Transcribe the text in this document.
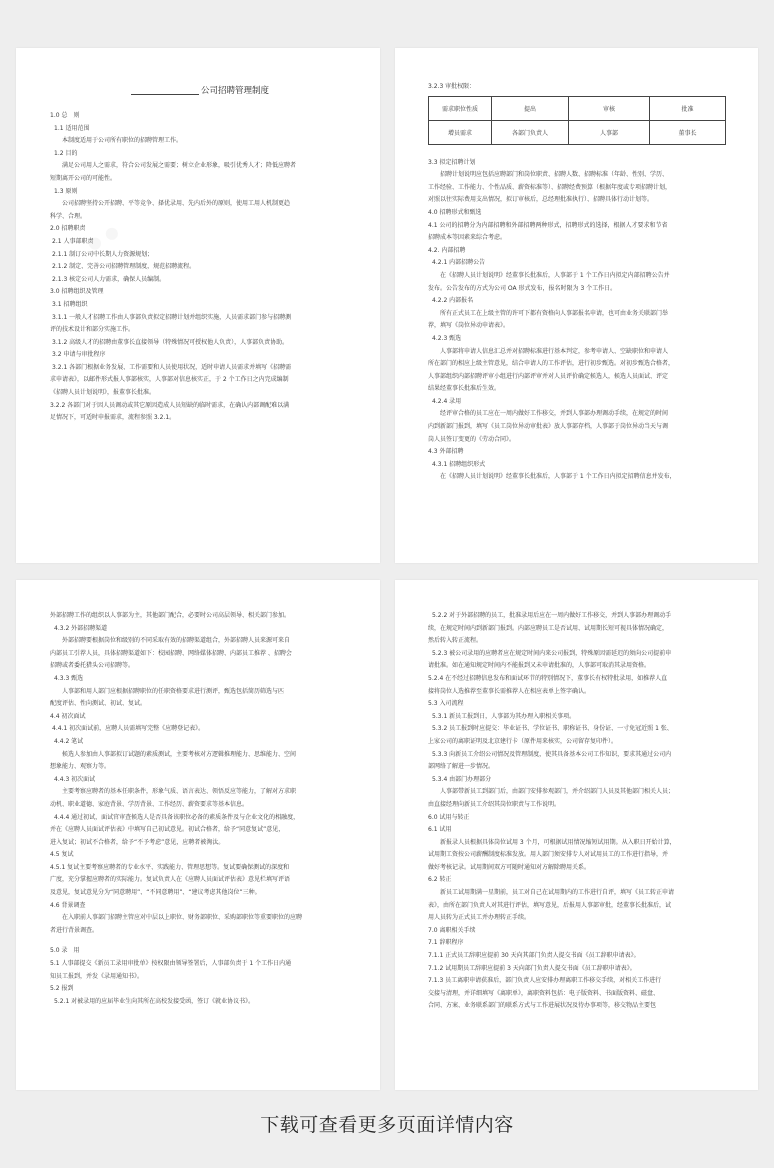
公司招聘管理制度
1.0 总　则
1.1 适用范围
本制度适用于公司所有职位的招聘管理工作。
1.2 目的
满足公司用人之需求，符合公司发展之需要；树立企业形象，吸引优秀人才；降低应聘者
短期离开公司的可能性。
1.3 原则
公司招聘坚持公开招聘、平等竞争、择优录用、先内后外的原则，使用工用人机制更趋
科学、合理。
2.0 招聘职责
2.1 人事部职责
2.1.1 制订公司中长期人力资源规划；
2.1.2 制定、完善公司招聘管理制度，规范招聘流程。
2.1.3 核定公司人力需求，确保人员编制。
3.0 招聘组织及管理
3.1 招聘组织
3.1.1 一般人才招聘工作由人事部负责拟定招聘计划并组织实施，人员需求部门参与招聘测
评的技术设计和部分实施工作。
3.1.2 高级人才的招聘由董事长直接领导（特殊情况可授权他人负责），人事部负责协助。
3.2 申请与审批程序
3.2.1 各部门根据业务发展、工作需要和人员使用状况，适时申请人员需求并填写《招聘需
求申请表》，以邮件形式报人事部核实，人事部对信息核实正，于 2 个工作日之内完成编制
《招聘人员计划说明》，报董事长批准。
3.2.2 各部门对于因人员调动或其它原因造成人员短缺的临时需求，在确认内部调配难以满
足情况下，可适时申报需求，流程参照 3.2.1。
3.2.3 审批权限：
需求职位性质	提出	审核	批准
增员需求	各部门负责人	人事部	董事长
3.3 拟定招聘计划
招聘计划说明应包括应聘部门和岗位职责、招聘人数、招聘标准（年龄、性别、学历、
工作经验、工作能力、个性品质、薪资标准等）、招聘经费预算（根据年度或专项招聘计划，
对照以往实际费用支出情况，拟订审核后，总经理批准执行）、招聘具体行动计划等。
4.0 招聘形式和甄选
4.1 公司的招聘分为内部招聘和外部招聘两种形式，招聘形式的选择，根据人才要求和节省
招聘成本等因素来综合考虑。
4.2. 内部招聘
4.2.1 内部招聘公告
在《招聘人员计划说明》经董事长批准后，人事部于 1 个工作日内拟定内部招聘公告并
发布。公告发布的方式为公司 OA 形式发布，报名时限为 3 个工作日。
4.2.2 内部报名
所有正式员工在上级主管的许可下都有资格向人事部报名申请，也可由业务关联部门举
荐，填写《岗位异动申请表》。
4.2.3 甄选
人事部将申请人信息汇总并对招聘标准进行基本判定，参考申请人、空缺职位和申请人
所在部门的相应上级主管意见，结合申请人的工作评估，进行初步甄选。对初步甄选合格者，
人事部组织内部招聘评审小组进行内部评审并对人员评价确定候选人，候选人员面试、评定
结果经董事长批准后生效。
4.2.4 录用
经评审合格的员工应在一周内做好工作移交，并到人事部办理调动手续，在规定的时间
内到新部门报到，填写《员工岗位异动审批表》放人事部存档，人事部于岗位异动当天与调
岗人员签订变更的《劳动合同》。
4.3 外部招聘
4.3.1 招聘组织形式
在《招聘人员计划说明》经董事长批准后，人事部于 1 个工作日内拟定招聘信息并发布，
外部招聘工作的组织以人事部为主，其他部门配合，必要时公司高层领导、相关部门参加。
4.3.2 外部招聘渠道
外部招聘要根据岗位和级别的不同采取有效的招聘渠道组合，外部招聘人员来源可来自
内部员工引荐人员，具体招聘渠道如下：校园招聘、网络媒体招聘、内部员工推荐 、招聘会
招聘或者委托猎头公司招聘等。
4.3.3 甄选
人事部和用人部门应根据招聘职位的任职资格要求进行测评，甄选包括简历筛选与匹
配度评估、性向测试、初试、复试。
4.4 初次面试
4.4.1 初次面试前，应聘人员需填写完整《应聘登记表》。
4.4.2 笔试
候选人参加由人事部拟订试题的素质测试，主要考核对方逻辑推理能力、思维能力、空间
想象能力、观察力等。
4.4.3 初次面试
主要考察应聘者的基本任职条件，形象气质、语言表达、领悟反应等能力，了解对方求职
动机、职业道德、家庭背景、学历背景、工作经历、薪资要求等基本信息。
4.4.4 通过初试，面试官审查候选人是否具备该职位必备的素质条件及与企业文化的相融度，
并在《应聘人员面试评估表》中填写自己初试意见。初试合格者，给予“同意复试”意见，
进入复试；初试不合格者，给予“不予考虑”意见，应聘者被淘汰。
4.5 复试
4.5.1 复试主要考察应聘者的专业水平、实践能力、管理思想等。复试要确保测试的深度和
广度，充分掌握应聘者的实际能力。复试负责人在《应聘人员面试评估表》意见栏填写评语
及意见，复试意见分为“同意聘用”、“不同意聘用”、“建议考虑其他岗位”三种。
4.6 背景调查
在入职前人事部门招聘主管应对中层以上职位、财务部职位、采购部职位等重要职位的应聘
者进行背景调查。
5.0 录　用
5.1 人事部提交《新员工录用审批单》按权限由领导签署后，人事部负责于 1 个工作日内通
知员工报到，并发《录用通知书》。
5.2 报到
5.2.1 对被录用的应届毕业生向其所在高校发接受函，签订《就业协议书》。
5.2.2 对于外部招聘的员工，批准录用后应在一周内做好工作移交，并到人事部办理调动手
续，在规定时间内到新部门报到。内部应聘员工是否试用、试用期长短可视具体情况确定，
然后转入转正流程。
5.2.3 被公司录用的应聘者应在规定时间内来公司报到，特殊原因需延迟的须向公司提前申
请批准。如在通知规定时间内不能报到又未申请批准的，人事部可取消其录用资格。
5.2.4 在不经过招聘信息发布和面试环节的特别情况下，董事长有权特批录用，如推荐人直
接将岗位人选推荐至董事长需推荐人在相应表单上签字确认。
5.3 入司流程
5.3.1 新员工报到日，人事部为其办理入职相关事项。
5.3.2 员工报到时应提交：毕业证书、学位证书、职称证书、身份证、一寸免冠近照 1 张、
上家公司的离职证明及北京建行卡（原件用来核实，公司留存复印件）。
5.3.3 向新员工介绍公司情况及管理制度，使其具备基本公司工作知识，要求其通过公司内
部网络了解进一步情况。
5.3.4 由部门办理部分
人事部带新员工到部门后，由部门安排参观部门，并介绍部门人员及其他部门相关人员；
由直接经理向新员工介绍其岗位职责与工作说明。
6.0 试用与转正
6.1 试用
新报录人员根据具体岗位试用 3 个月，可根据试用情况缩短试用期。从入职日开始计算，
试用期工资按公司薪酬制度标准发放。用人部门须安排专人对试用员工的工作进行指导，并
做好考核记录。试用期间双方可随时通知对方解除聘用关系。
6.2 转正
新员工试用期满一星期前，员工对自己在试用期内的工作进行自评，填写《员工转正申请
表》，由所在部门负责人对其进行评估，填写意见，后报用人事部审批，经董事长批准后，试
用人员转为正式员工并办理转正手续。
7.0 离职相关手续
7.1 辞职程序
7.1.1 正式员工辞职应提前 30 天向其部门负责人提交书面《员工辞职申请表》。
7.1.2 试用期员工辞职应提前 3 天向部门负责人提交书面《员工辞职申请表》。
7.1.3 员工离职申请获准后，部门负责人应安排办理离职工作移交手续，对相关工作进行
交接与清理，并详细填写《离职单》，离职资料包括：电子版资料、书面版资料、磁盘、
合同、方案、业务联系部门的联系方式与工作进展状况及待办事项等，移交物品主要包
下载可查看更多页面详情内容
